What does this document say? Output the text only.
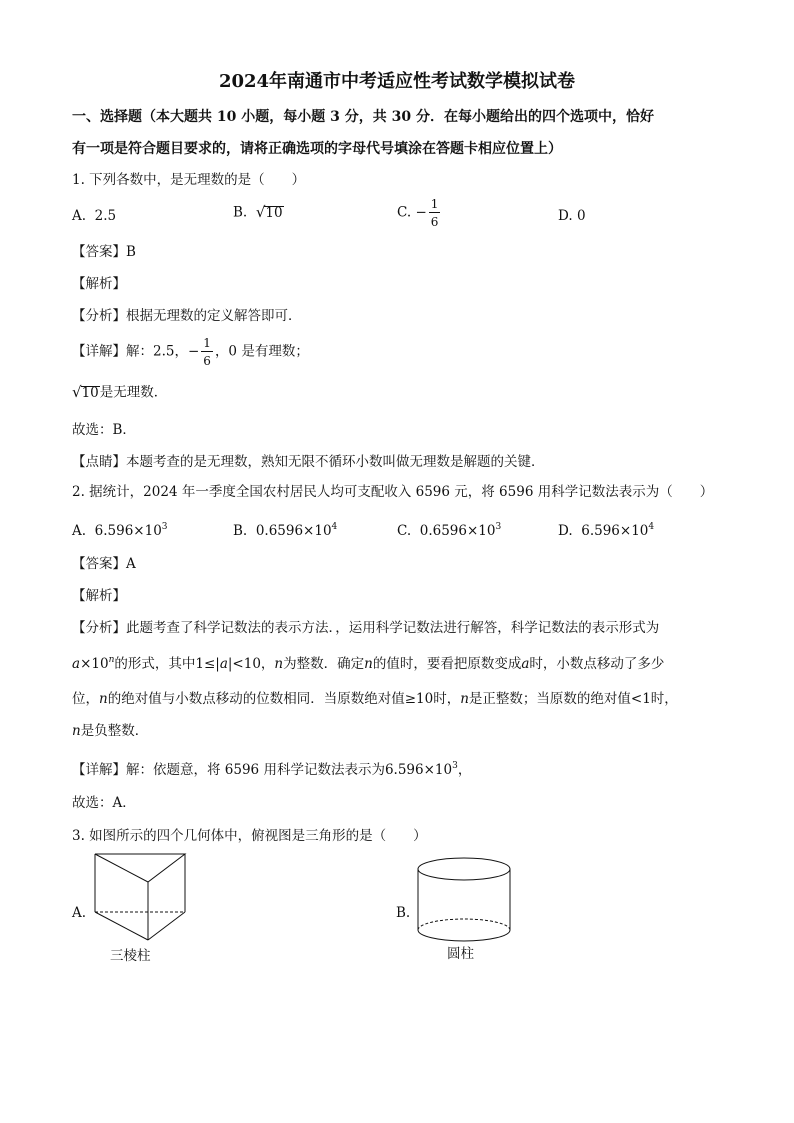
2024年南通市中考适应性考试数学模拟试卷
一、选择题（本大题共 10 小题，每小题 3 分，共 30 分．在每小题给出的四个选项中，恰好
有一项是符合题目要求的，请将正确选项的字母代号填涂在答题卡相应位置上）
1. 下列各数中，是无理数的是（　　）
A. 2.5	B. √10	C. − $\frac{1}{6}$	D. 0
【答案】B
【解析】
【分析】根据无理数的定义解答即可．
【详解】解：2.5，− $\frac{1}{6}$ ，0 是有理数；
√10是无理数．
故选：B．
【点睛】本题考查的是无理数，熟知无限不循环小数叫做无理数是解题的关键．
2. 据统计，2024 年一季度全国农村居民人均可支配收入 6596 元，将 6596 用科学记数法表示为（　　）
A. $6.596\times 10^3$	B. $0.6596\times 10^4$	C. $0.6596\times 10^3$	D. $6.596\times 10^4$
【答案】A
【解析】
【分析】此题考查了科学记数法的表示方法．，运用科学记数法进行解答，科学记数法的表示形式为
$a\times 10^n$的形式，其中1≤|a|<10，n为整数．确定n的值时，要看把原数变成a时，小数点移动了多少
位，n的绝对值与小数点移动的位数相同．当原数绝对值≥10时，n是正整数；当原数的绝对值<1时，
n是负整数．
【详解】解：依题意，将 6596 用科学记数法表示为$6.596\times 10^3$，
故选：A．
3. 如图所示的四个几何体中，俯视图是三角形的是（　　）
A.
三棱柱
B.
圆柱
